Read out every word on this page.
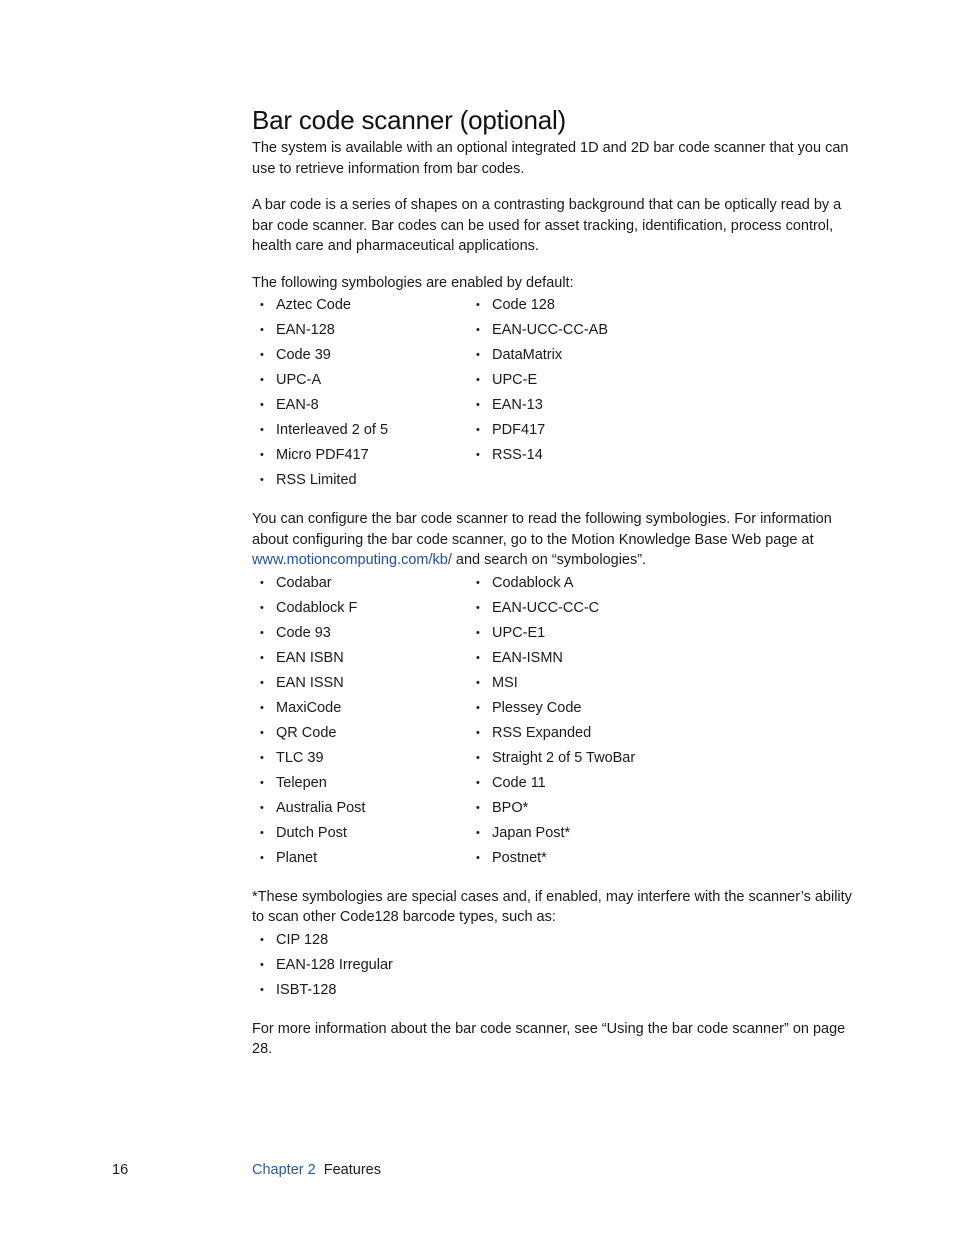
Bar code scanner (optional)

The system is available with an optional integrated 1D and 2D bar code scanner that you can use to retrieve information from bar codes.

A bar code is a series of shapes on a contrasting background that can be optically read by a bar code scanner. Bar codes can be used for asset tracking, identification, process control, health care and pharmaceutical applications.

The following symbologies are enabled by default:

• Aztec Code	• Code 128
• EAN-128	• EAN-UCC-CC-AB
• Code 39	• DataMatrix
• UPC-A	• UPC-E
• EAN-8	• EAN-13
• Interleaved 2 of 5	• PDF417
• Micro PDF417	• RSS-14
• RSS Limited

You can configure the bar code scanner to read the following symbologies. For information about configuring the bar code scanner, go to the Motion Knowledge Base Web page at www.motioncomputing.com/kb/ and search on “symbologies”.

• Codabar	• Codablock A
• Codablock F	• EAN-UCC-CC-C
• Code 93	• UPC-E1
• EAN ISBN	• EAN-ISMN
• EAN ISSN	• MSI
• MaxiCode	• Plessey Code
• QR Code	• RSS Expanded
• TLC 39	• Straight 2 of 5 TwoBar
• Telepen	• Code 11
• Australia Post	• BPO*
• Dutch Post	• Japan Post*
• Planet	• Postnet*

*These symbologies are special cases and, if enabled, may interfere with the scanner’s ability to scan other Code128 barcode types, such as:

• CIP 128
• EAN-128 Irregular
• ISBT-128

For more information about the bar code scanner, see “Using the bar code scanner” on page 28.

16	Chapter 2 Features
